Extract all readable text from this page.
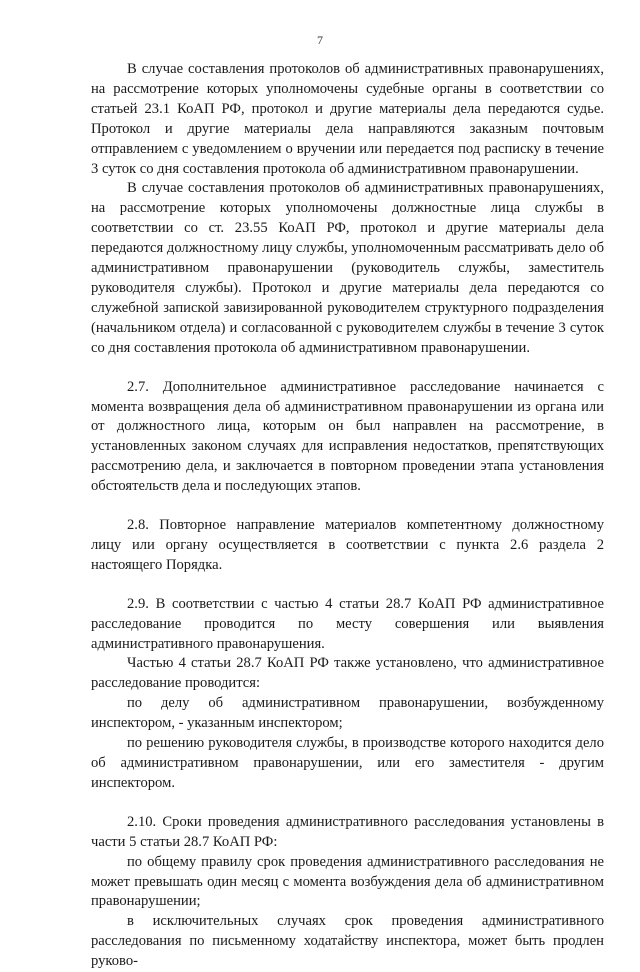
7

В случае составления протоколов об административных правонарушениях, на рассмотрение которых уполномочены судебные органы в соответствии со статьей 23.1 КоАП РФ, протокол и другие материалы дела передаются судье. Протокол и другие материалы дела направляются заказным почтовым отправлением с уведомлением о вручении или передается под расписку в течение 3 суток со дня составления протокола об административном правонарушении.

В случае составления протоколов об административных правонарушениях, на рассмотрение которых уполномочены должностные лица службы в соответствии со ст. 23.55 КоАП РФ, протокол и другие материалы дела передаются должностному лицу службы, уполномоченным рассматривать дело об административном правонарушении (руководитель службы, заместитель руководителя службы). Протокол и другие материалы дела передаются со служебной запиской завизированной руководителем структурного подразделения (начальником отдела) и согласованной с руководителем службы в течение 3 суток со дня составления протокола об административном правонарушении.

2.7. Дополнительное административное расследование начинается с момента возвращения дела об административном правонарушении из органа или от должностного лица, которым он был направлен на рассмотрение, в установленных законом случаях для исправления недостатков, препятствующих рассмотрению дела, и заключается в повторном проведении этапа установления обстоятельств дела и последующих этапов.

2.8. Повторное направление материалов компетентному должностному лицу или органу осуществляется в соответствии с пункта 2.6 раздела 2 настоящего Порядка.

2.9. В соответствии с частью 4 статьи 28.7 КоАП РФ административное расследование проводится по месту совершения или выявления административного правонарушения.

Частью 4 статьи 28.7 КоАП РФ также установлено, что административное расследование проводится:

по делу об административном правонарушении, возбужденному инспектором, - указанным инспектором;

по решению руководителя службы, в производстве которого находится дело об административном правонарушении, или его заместителя - другим инспектором.

2.10. Сроки проведения административного расследования установлены в части 5 статьи 28.7 КоАП РФ:

по общему правилу срок проведения административного расследования не может превышать один месяц с момента возбуждения дела об административном правонарушении;

в исключительных случаях срок проведения административного расследования по письменному ходатайству инспектора, может быть продлен руково-
